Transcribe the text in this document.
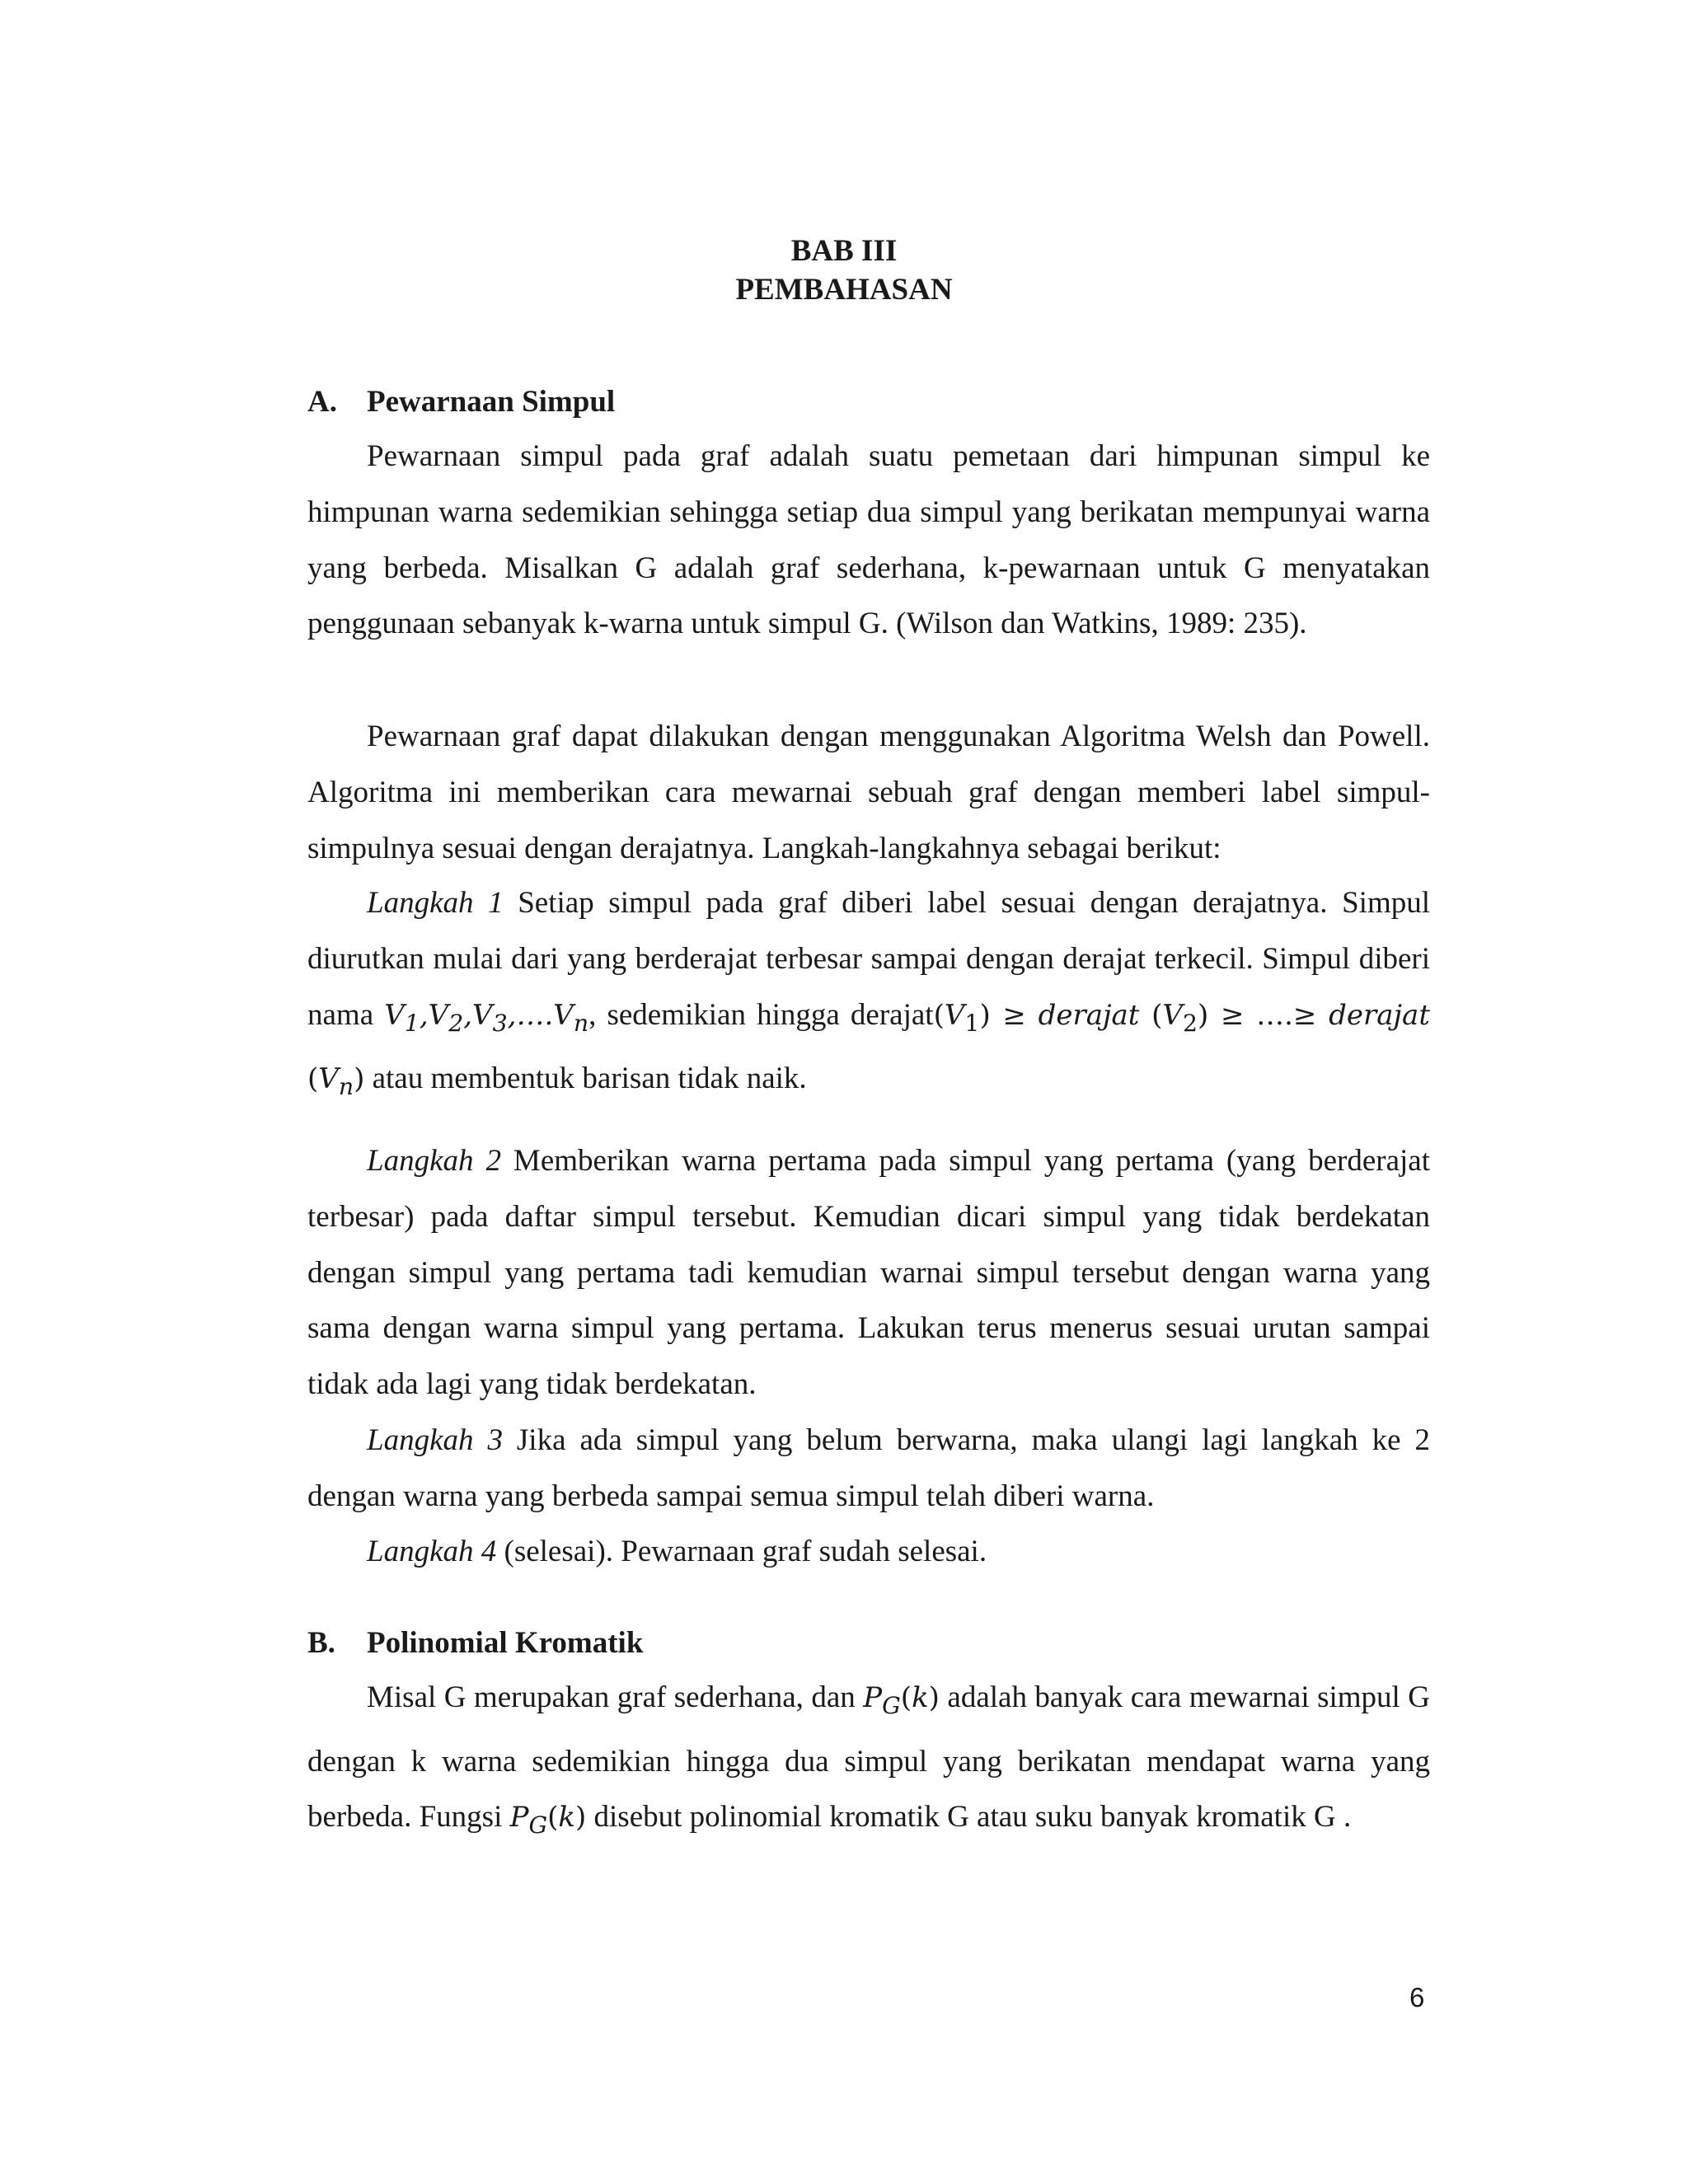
BAB III
PEMBAHASAN
A. Pewarnaan Simpul
Pewarnaan simpul pada graf adalah suatu pemetaan dari himpunan simpul ke himpunan warna sedemikian sehingga setiap dua simpul yang berikatan mempunyai warna yang berbeda. Misalkan G adalah graf sederhana, k-pewarnaan untuk G menyatakan penggunaan sebanyak k-warna untuk simpul G. (Wilson dan Watkins, 1989: 235).
Pewarnaan graf dapat dilakukan dengan menggunakan Algoritma Welsh dan Powell. Algoritma ini memberikan cara mewarnai sebuah graf dengan memberi label simpul-simpulnya sesuai dengan derajatnya. Langkah-langkahnya sebagai berikut:
Langkah 1 Setiap simpul pada graf diberi label sesuai dengan derajatnya. Simpul diurutkan mulai dari yang berderajat terbesar sampai dengan derajat terkecil. Simpul diberi nama $V_1,V_2,V_3,\dots.V_n$, sedemikian hingga $derajat(V_1)$ ≥ derajat $(V_2)$ ≥ ….≥ derajat $(V_n)$ atau membentuk barisan tidak naik.
Langkah 2 Memberikan warna pertama pada simpul yang pertama (yang berderajat terbesar) pada daftar simpul tersebut. Kemudian dicari simpul yang tidak berdekatan dengan simpul yang pertama tadi kemudian warnai simpul tersebut dengan warna yang sama dengan warna simpul yang pertama. Lakukan terus menerus sesuai urutan sampai tidak ada lagi yang tidak berdekatan.
Langkah 3 Jika ada simpul yang belum berwarna, maka ulangi lagi langkah ke 2 dengan warna yang berbeda sampai semua simpul telah diberi warna.
Langkah 4 (selesai). Pewarnaan graf sudah selesai.
B. Polinomial Kromatik
Misal G merupakan graf sederhana, dan $P_G(k)$ adalah banyak cara mewarnai simpul G dengan k warna sedemikian hingga dua simpul yang berikatan mendapat warna yang berbeda. Fungsi $P_G(k)$ disebut polinomial kromatik G atau suku banyak kromatik G .
6
